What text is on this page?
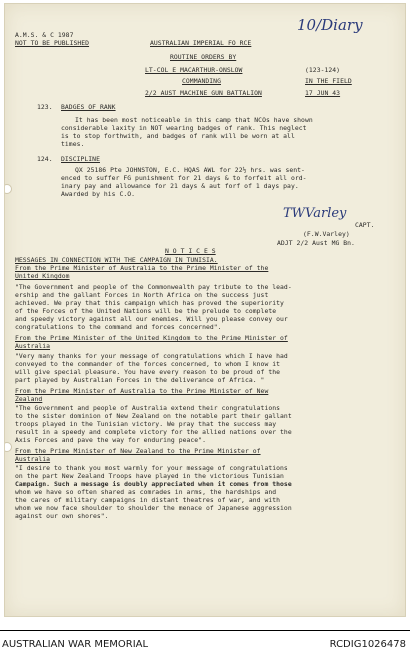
10/Diary
A.M.S. & C 1987
NOT TO BE PUBLISHED	AUSTRALIAN IMPERIAL FO RCE
ROUTINE ORDERS BY
LT-COL E MACARTHUR-ONSLOW
COMMANDING
2/2 AUST MACHINE GUN BATTALION
(123-124)
IN THE FIELD
17 JUN 43
123. BADGES OF RANK
It has been most noticeable in this camp that NCOs have shown
considerable laxity in NOT wearing badges of rank. This neglect
is to stop forthwith, and badges of rank will be worn at all
times.
124. DISCIPLINE
QX 25186 Pte JOHNSTON, E.C. HQAS AWL for 22½ hrs. was sent-
enced to suffer FG punishment for 21 days & to forfeit all ord-
inary pay and allowance for 21 days & aut forf of 1 days pay.
Awarded by his C.O.
TWVarley
CAPT.
(F.W.Varley)
ADJT 2/2 Aust MG Bn.
N O T I C E S
MESSAGES IN CONNECTION WITH THE CAMPAIGN IN TUNISIA.
From the Prime Minister of Australia to the Prime Minister of the
United Kingdom
"The Government and people of the Commonwealth pay tribute to the lead-
ership and the gallant Forces in North Africa on the success just
achieved. We pray that this campaign which has proved the superiority
of the Forces of the United Nations will be the prelude to complete
and speedy victory against all our enemies. Will you please convey our
congratulations to the command and forces concerned".
From the Prime Minister of the United Kingdom to the Prime Minister of
Australia
"Very many thanks for your message of congratulations which I have had
conveyed to the commander of the forces concerned, to whom I know it
will give special pleasure. You have every reason to be proud of the
part played by Australian Forces in the deliverance of Africa. "
From the Prime Minister of Australia to the Prime Minister of New
Zealand
"The Government and people of Australia extend their congratulations
to the sister dominion of New Zealand on the notable part their gallant
troops played in the Tunisian victory. We pray that the success may
result in a speedy and complete victory for the allied nations over the
Axis Forces and pave the way for enduring peace".
From the Prime Minister of New Zealand to the Prime Minister of
Australia
"I desire to thank you most warmly for your message of congratulations
on the part New Zealand Troops have played in the victorious Tunisian
Campaign. Such a message is doubly appreciated when it comes from those
whom we have so often shared as comrades in arms, the hardships and
the cares of military campaigns in distant theatres of war, and with
whom we now face shoulder to shoulder the menace of Japanese aggression
against our own shores".
AUSTRALIAN WAR MEMORIAL	RCDIG1026478
